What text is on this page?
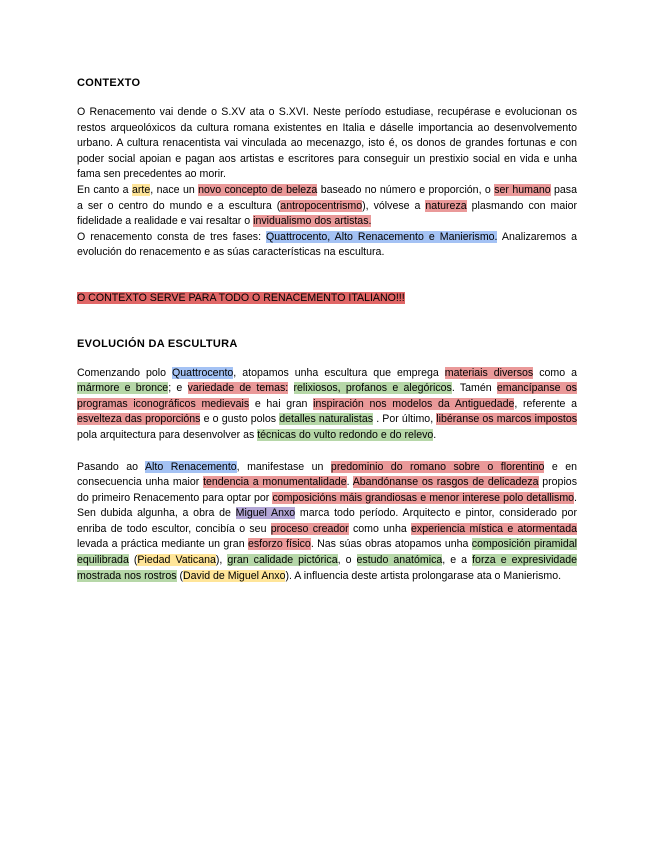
CONTEXTO

O Renacemento vai dende o S.XV ata o S.XVI. Neste período estudiase, recupérase e evolucionan os restos arqueolóxicos da cultura romana existentes en Italia e dáselle importancia ao desenvolvemento urbano. A cultura renacentista vai vinculada ao mecenazgo, isto é, os donos de grandes fortunas e con poder social apoian e pagan aos artistas e escritores para conseguir un prestixio social en vida e unha fama sen precedentes ao morir.
En canto a arte, nace un novo concepto de beleza baseado no número e proporción, o ser humano pasa a ser o centro do mundo e a escultura (antropocentrismo), vólvese a natureza plasmando con maior fidelidade a realidade e vai resaltar o invidualismo dos artistas.
O renacemento consta de tres fases: Quattrocento, Alto Renacemento e Manierismo. Analizaremos a evolución do renacemento e as súas características na escultura.

O CONTEXTO SERVE PARA TODO O RENACEMENTO ITALIANO!!!

EVOLUCIÓN DA ESCULTURA

Comenzando polo Quattrocento, atopamos unha escultura que emprega materiais diversos como a mármore e bronce; e variedade de temas: relixiosos, profanos e alegóricos. Tamén emancípanse os programas iconográficos medievais e hai gran inspiración nos modelos da Antiguedade, referente a esvelteza das proporcións e o gusto polos detalles naturalistas . Por último, libéranse os marcos impostos pola arquitectura para desenvolver as técnicas do vulto redondo e do relevo.

Pasando ao Alto Renacemento, manifestase un predominio do romano sobre o florentino e en consecuencia unha maior tendencia a monumentalidade. Abandónanse os rasgos de delicadeza propios do primeiro Renacemento para optar por composicións máis grandiosas e menor interese polo detallismo. Sen dubida algunha, a obra de Miguel Anxo marca todo período. Arquitecto e pintor, considerado por enriba de todo escultor, concibía o seu proceso creador como unha experiencia mística e atormentada levada a práctica mediante un gran esforzo físico. Nas súas obras atopamos unha composición piramidal equilibrada (Piedad Vaticana), gran calidade pictórica, o estudo anatómica, e a forza e expresividade mostrada nos rostros (David de Miguel Anxo). A influencia deste artista prolongarase ata o Manierismo.
